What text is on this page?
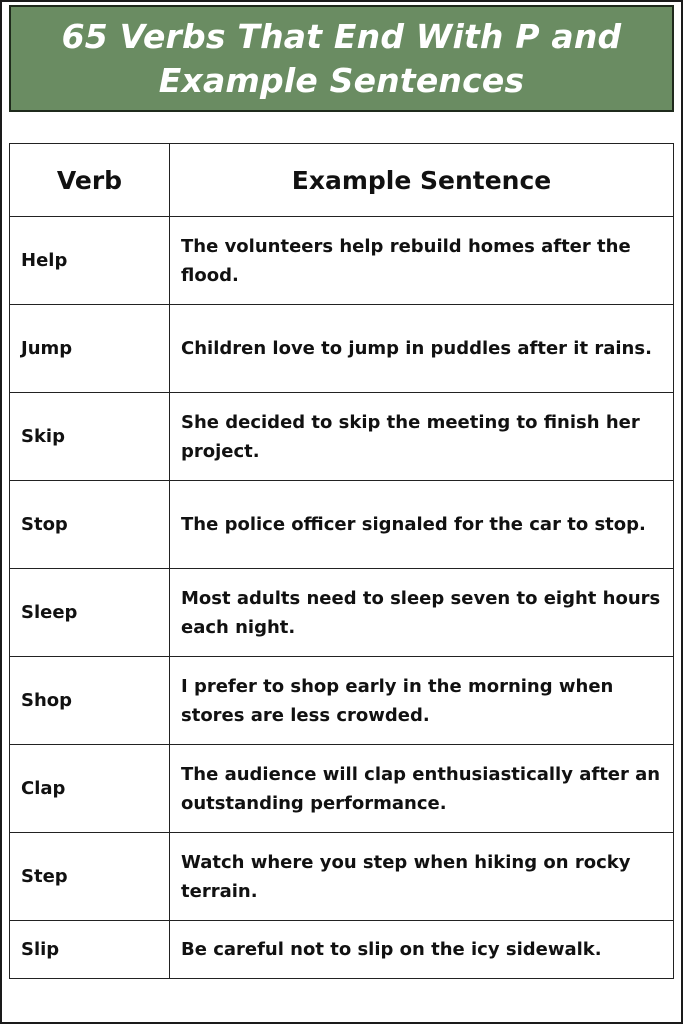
65 Verbs That End With P and Example Sentences
Verb	Example Sentence
Help	The volunteers help rebuild homes after the flood.
Jump	Children love to jump in puddles after it rains.
Skip	She decided to skip the meeting to finish her project.
Stop	The police officer signaled for the car to stop.
Sleep	Most adults need to sleep seven to eight hours each night.
Shop	I prefer to shop early in the morning when stores are less crowded.
Clap	The audience will clap enthusiastically after an outstanding performance.
Step	Watch where you step when hiking on rocky terrain.
Slip	Be careful not to slip on the icy sidewalk.
